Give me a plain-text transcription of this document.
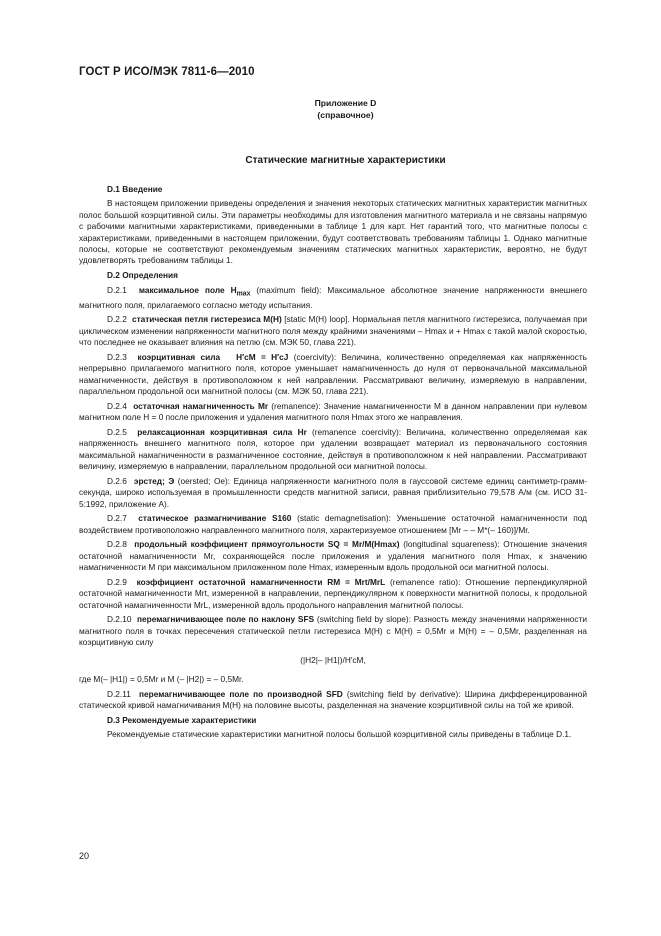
ГОСТ Р ИСО/МЭК 7811-6—2010
Приложение D
(справочное)
Статические магнитные характеристики

D.1 Введение

В настоящем приложении приведены определения и значения некоторых статических магнитных характеристик магнитных полос большой коэрцитивной силы. Эти параметры необходимы для изготовления магнитного материала и не связаны напрямую с рабочими магнитными характеристиками, приведенными в таблице 1 для карт. Нет гарантий того, что магнитные полосы с характеристиками, приведенными в настоящем приложении, будут соответствовать требованиям таблицы 1. Однако магнитные полосы, которые не соответствуют рекомендуемым значениям статических магнитных характеристик, вероятно, не будут удовлетворять требованиям таблицы 1.

D.2 Определения

D.2.1 максимальное поле $H_{max}$ (maximum field): Максимальное абсолютное значение напряженности внешнего магнитного поля, прилагаемого согласно методу испытания.

D.2.2 статическая петля гистерезиса M(H) [static M(H) loop]. Нормальная петля магнитного гистерезиса, получаемая при циклическом изменении напряженности магнитного поля между крайними значениями – Hmax и + Hmax с такой малой скоростью, что последнее не оказывает влияния на петлю (см. МЭК 50, глава 221).

D.2.3 коэрцитивная сила H′cM = H′cJ (coercivity): Величина, количественно определяемая как напряженность непрерывно прилагаемого магнитного поля, которое уменьшает намагниченность до нуля от первоначальной максимальной намагниченности, действуя в противоположном к ней направлении. Рассматривают величину, измеряемую в направлении, параллельном продольной оси магнитной полосы (см. МЭК 50, глава 221).

D.2.4 остаточная намагниченность Mr (remanence): Значение намагниченности M в данном направлении при нулевом магнитном поле H = 0 после приложения и удаления магнитного поля Hmax этого же направления.

D.2.5 релаксационная коэрцитивная сила Hr (remanence coercivity): Величина, количественно определяемая как напряженность внешнего магнитного поля, которое при удалении возвращает материал из первоначального состояния максимальной намагниченности в размагниченное состояние, действуя в противоположном к ней направлении. Рассматривают величину, измеряемую в направлении, параллельном продольной оси магнитной полосы.

D.2.6 эрстед; Э (oersted; Oe): Единица напряженности магнитного поля в гауссовой системе единиц сантиметр-грамм-секунда, широко используемая в промышленности средств магнитной записи, равная приблизительно 79,578 А/м (см. ИСО 31-5:1992, приложение А).

D.2.7 статическое размагничивание S160 (static demagnetisation): Уменьшение остаточной намагниченности под воздействием противоположно направленного магнитного поля, характеризуемое отношением [Mr – – M*(– 160)]/Mr.

D.2.8 продольный коэффициент прямоугольности SQ = Mr/M(Hmax) (longitudinal squareness): Отношение значения остаточной намагниченности Mr, сохраняющейся после приложения и удаления магнитного поля Hmax, к значению намагниченности M при максимальном приложенном поле Hmax, измеренным вдоль продольной оси магнитной полосы.

D.2.9 коэффициент остаточной намагниченности RM = Mrt/MrL (remanence ratio): Отношение перпендикулярной остаточной намагниченности Mrt, измеренной в направлении, перпендикулярном к поверхности магнитной полосы, к продольной остаточной намагниченности MrL, измеренной вдоль продольного направления магнитной полосы.

D.2.10 перемагничивающее поле по наклону SFS (switching field by slope): Разность между значениями напряженности магнитного поля в точках пересечения статической петли гистерезиса M(H) с M(H) = 0,5Mr и M(H) = – 0,5Mr, разделенная на коэрцитивную силу

(|H2|– |H1|)/H′cM,

где M(– |H1|) = 0,5Mr и M (– |H2|) = – 0,5Mr.

D.2.11 перемагничивающее поле по производной SFD (switching field by derivative): Ширина дифференцированной статической кривой намагничивания M(H) на половине высоты, разделенная на значение коэрцитивной силы на той же кривой.

D.3 Рекомендуемые характеристики

Рекомендуемые статические характеристики магнитной полосы большой коэрцитивной силы приведены в таблице D.1.

20
